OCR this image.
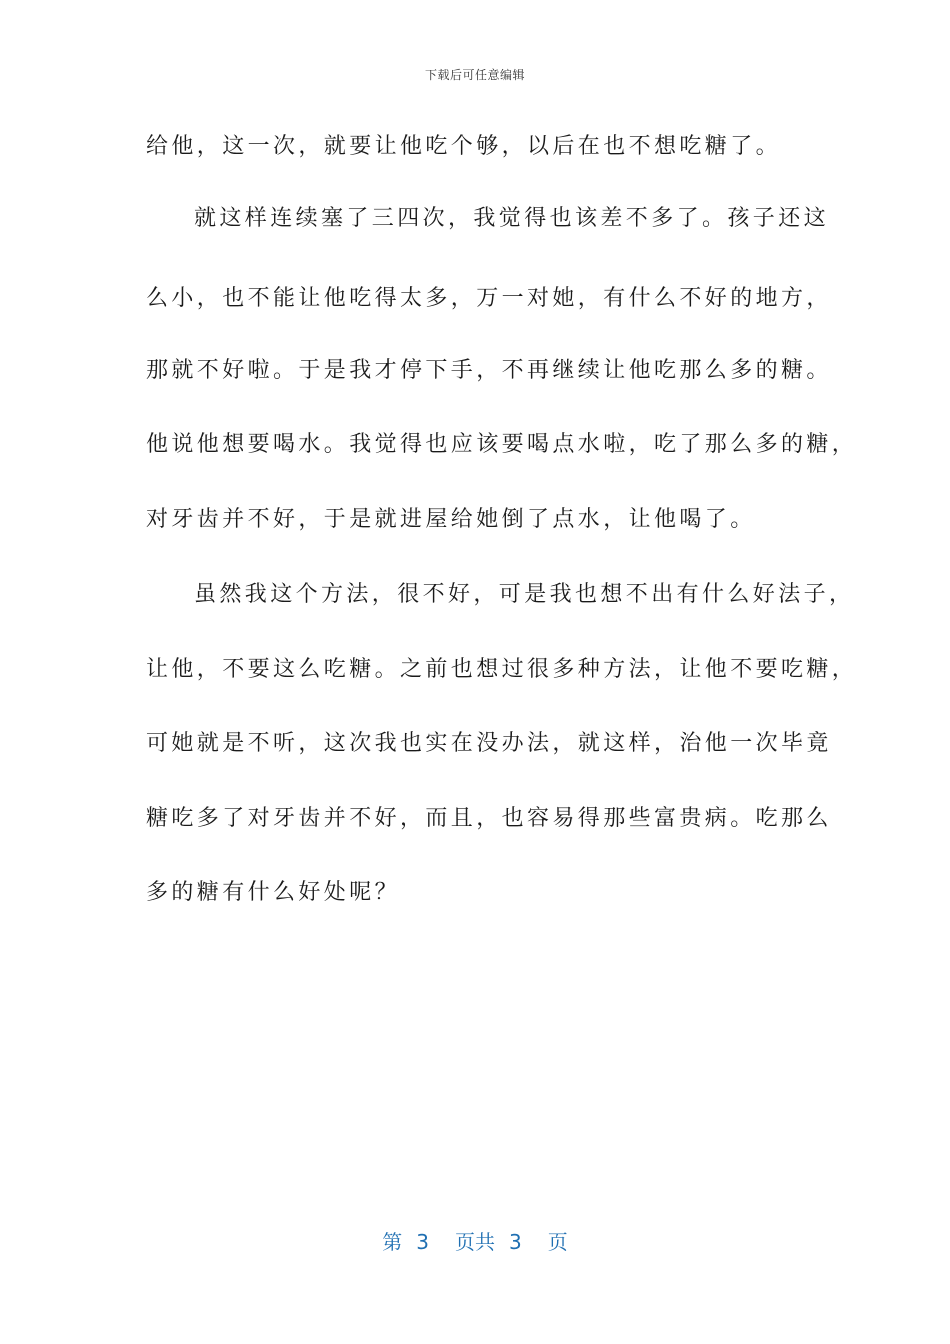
下载后可任意编辑
给他，这一次，就要让他吃个够，以后在也不想吃糖了。
就这样连续塞了三四次，我觉得也该差不多了。孩子还这
么小，也不能让他吃得太多，万一对她，有什么不好的地方，
那就不好啦。于是我才停下手，不再继续让他吃那么多的糖。
他说他想要喝水。我觉得也应该要喝点水啦，吃了那么多的糖，
对牙齿并不好，于是就进屋给她倒了点水，让他喝了。
虽然我这个方法，很不好，可是我也想不出有什么好法子，
让他，不要这么吃糖。之前也想过很多种方法，让他不要吃糖，
可她就是不听，这次我也实在没办法，就这样，治他一次毕竟
糖吃多了对牙齿并不好，而且，也容易得那些富贵病。吃那么
多的糖有什么好处呢？
第 3 页共 3 页
